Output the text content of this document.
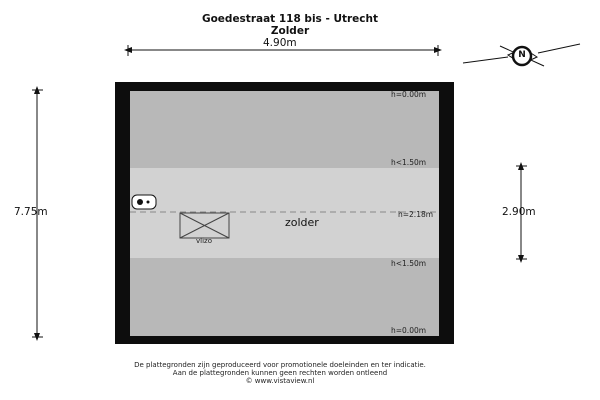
Goedestraat 118 bis - Utrecht
Zolder
4.90m
7.75m	2.90m
h=0.00m
h<1.50m
h=2.18m
h<1.50m
h=0.00m
zolder
vlizo
N
De plattegronden zijn geproduceerd voor promotionele doeleinden en ter indicatie.
Aan de plattegronden kunnen geen rechten worden ontleend
© www.vistaview.nl
